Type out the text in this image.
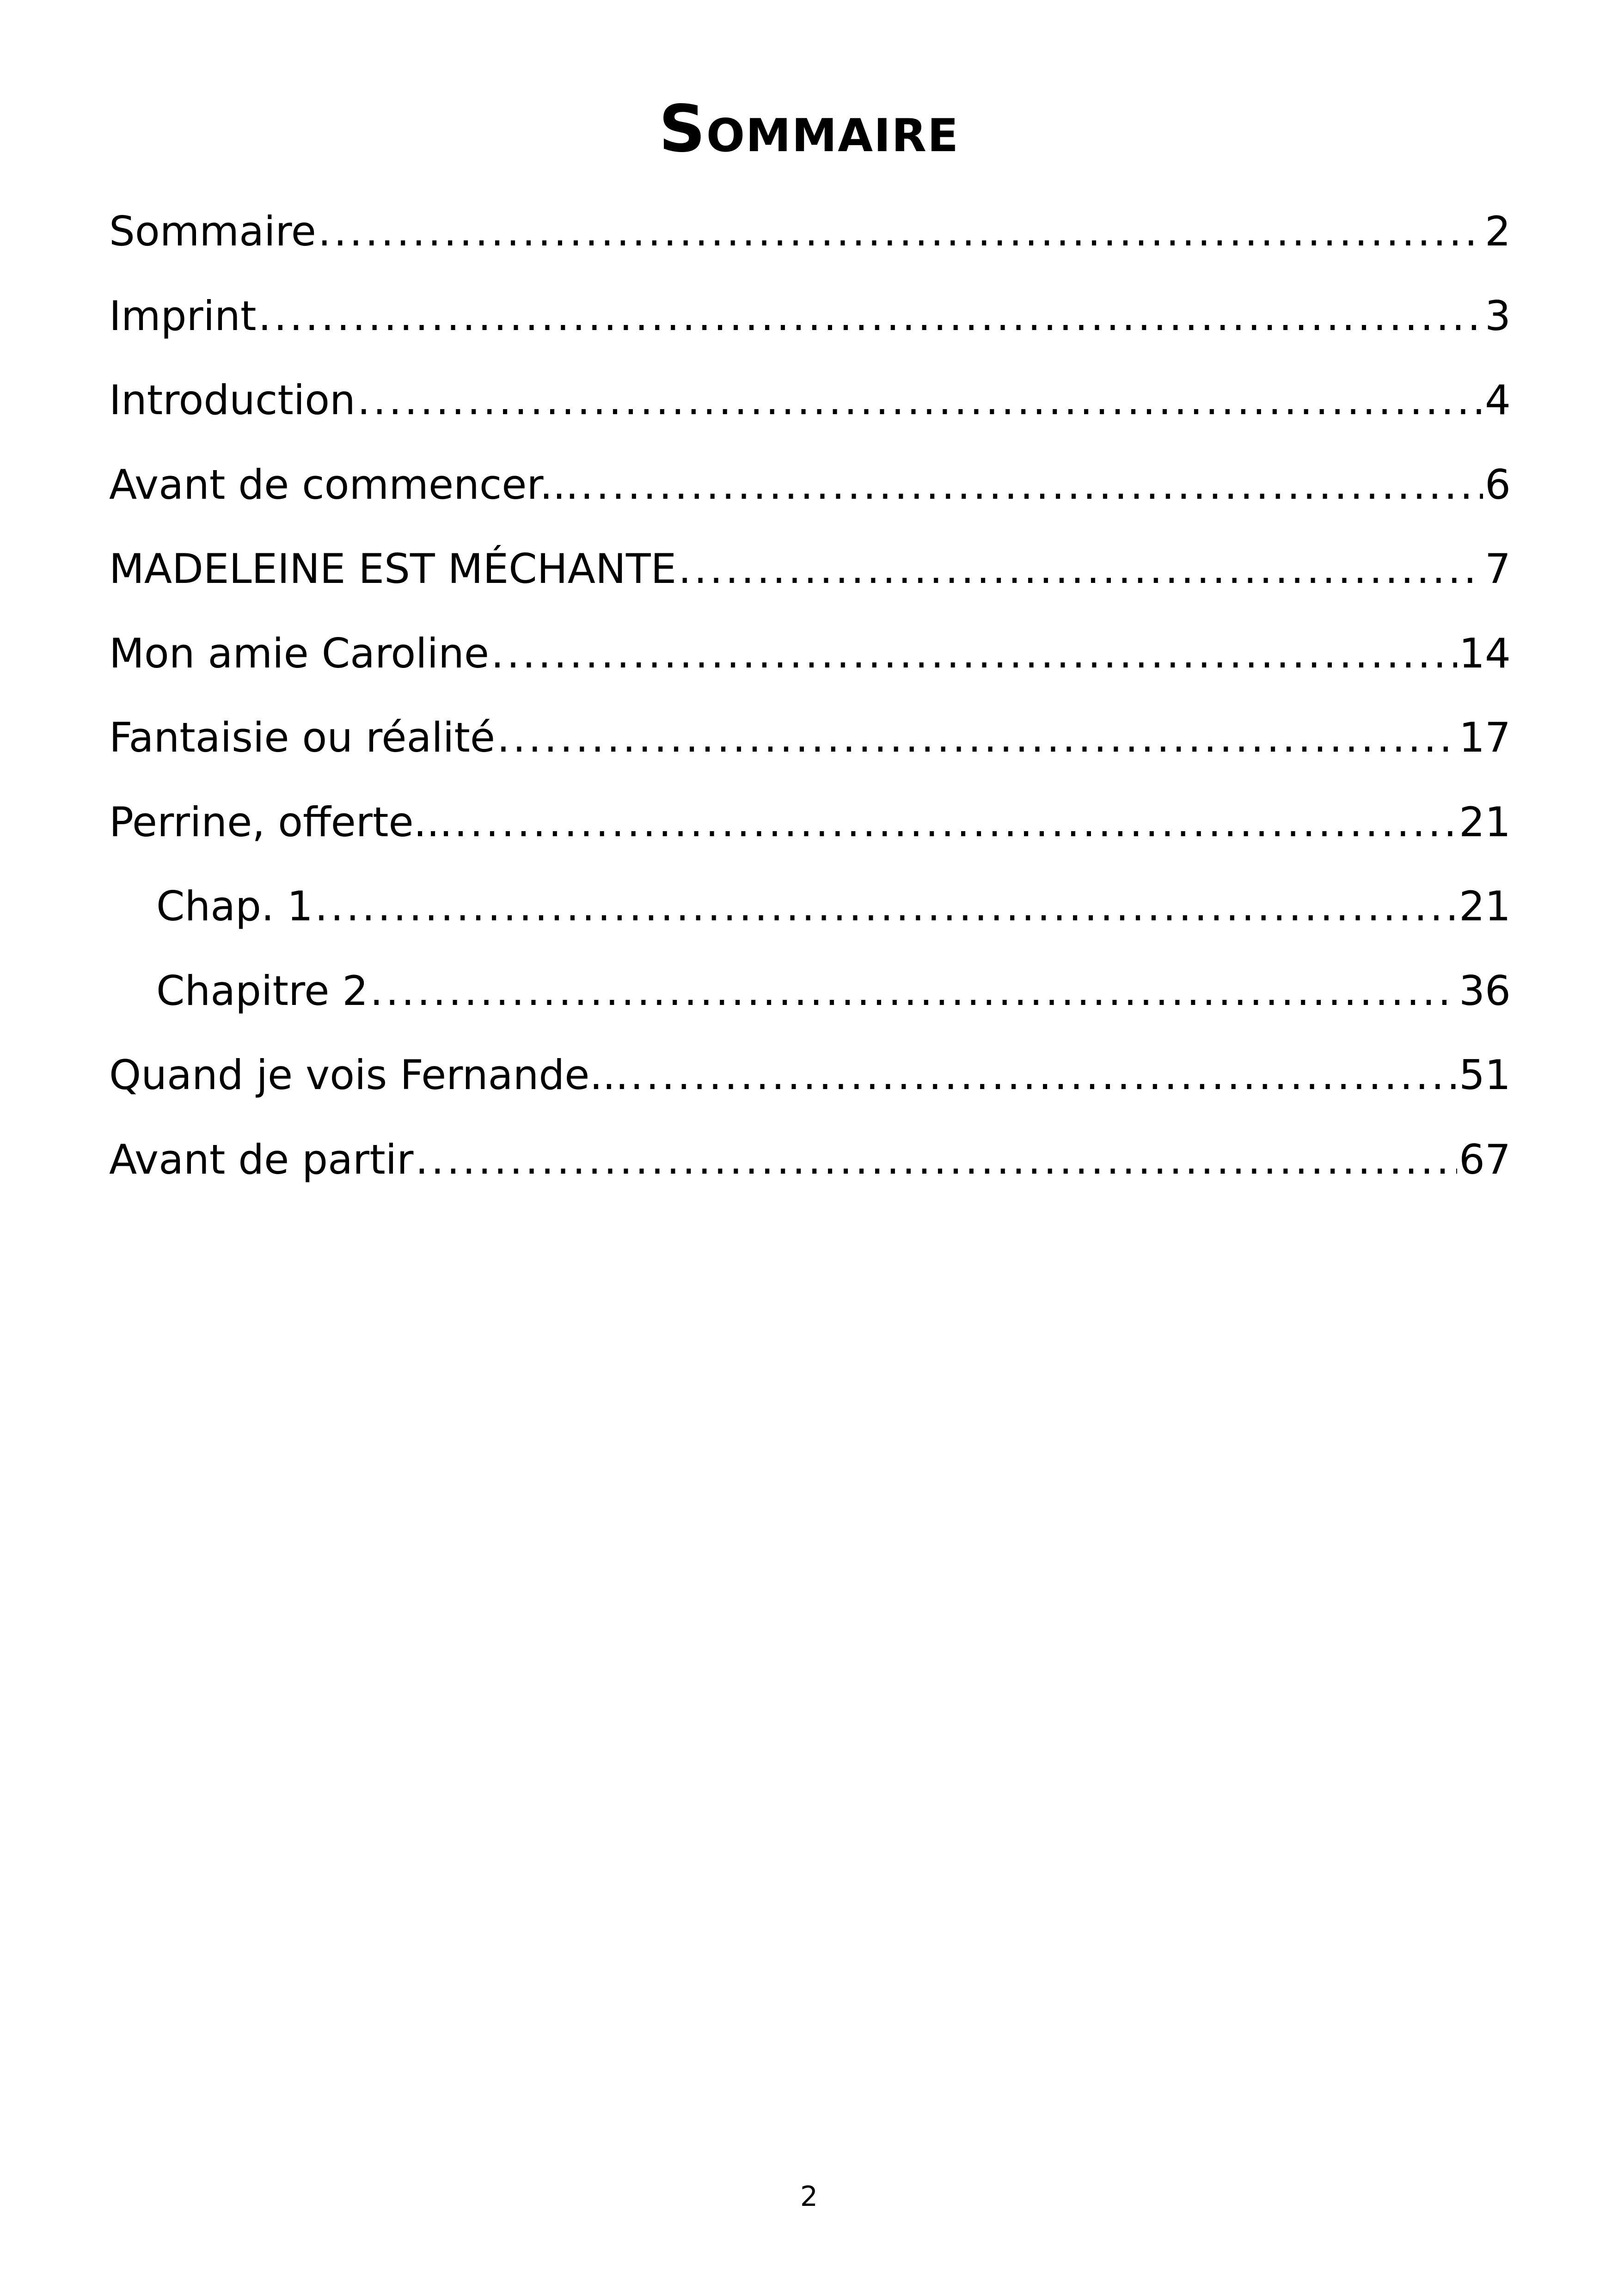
Sommaire
Sommaire .....	2
Imprint .....	3
Introduction .....	4
Avant de commencer... .....	6
MADELEINE EST MÉCHANTE .....	7
Mon amie Caroline .....	14
Fantaisie ou réalité .....	17
Perrine, offerte... .....	21
Chap. 1 .....	21
Chapitre 2 .....	36
Quand je vois Fernande... .....	51
Avant de partir .....	67
2
